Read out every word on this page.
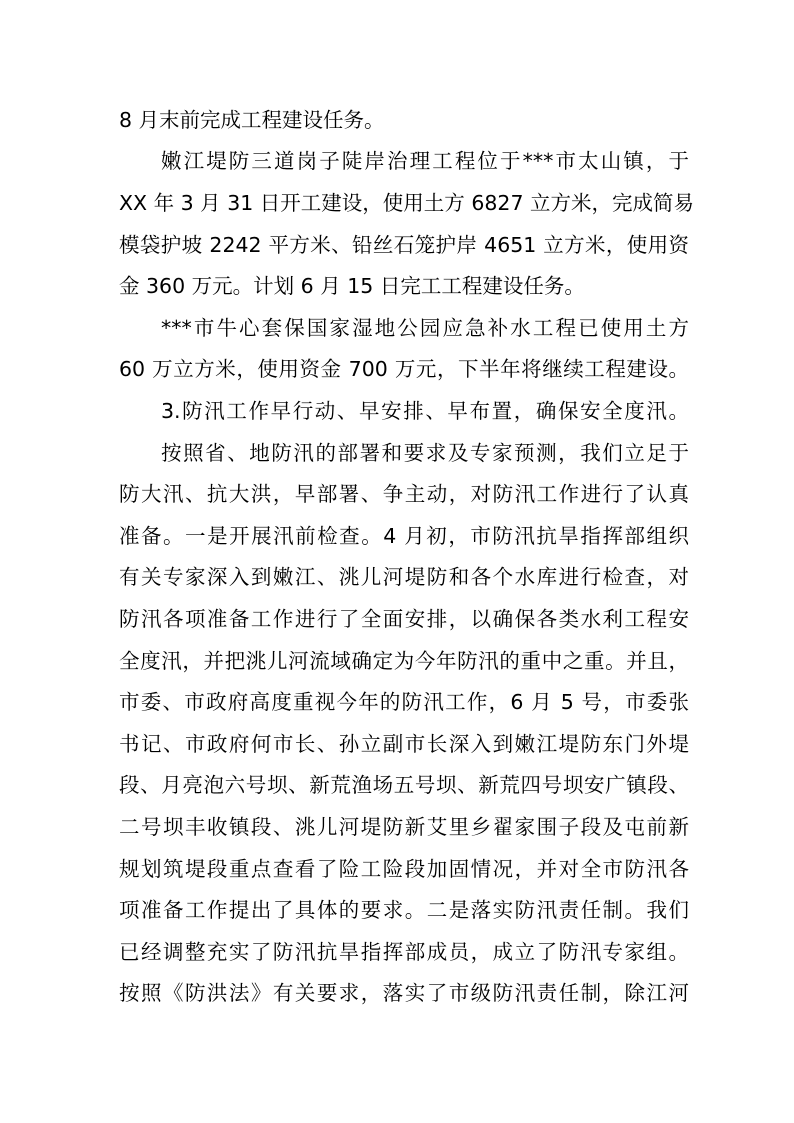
8 月末前完成工程建设任务。
嫩江堤防三道岗子陡岸治理工程位于***市太山镇，于
XX 年 3 月 31 日开工建设，使用土方 6827 立方米，完成简易
模袋护坡 2242 平方米、铅丝石笼护岸 4651 立方米，使用资
金 360 万元。计划 6 月 15 日完工工程建设任务。
***市牛心套保国家湿地公园应急补水工程已使用土方
60 万立方米，使用资金 700 万元，下半年将继续工程建设。
3.防汛工作早行动、早安排、早布置，确保安全度汛。
按照省、地防汛的部署和要求及专家预测，我们立足于
防大汛、抗大洪，早部署、争主动，对防汛工作进行了认真
准备。一是开展汛前检查。4 月初，市防汛抗旱指挥部组织
有关专家深入到嫩江、洮儿河堤防和各个水库进行检查，对
防汛各项准备工作进行了全面安排，以确保各类水利工程安
全度汛，并把洮儿河流域确定为今年防汛的重中之重。并且，
市委、市政府高度重视今年的防汛工作，6 月 5 号，市委张
书记、市政府何市长、孙立副市长深入到嫩江堤防东门外堤
段、月亮泡六号坝、新荒渔场五号坝、新荒四号坝安广镇段、
二号坝丰收镇段、洮儿河堤防新艾里乡翟家围子段及屯前新
规划筑堤段重点查看了险工险段加固情况，并对全市防汛各
项准备工作提出了具体的要求。二是落实防汛责任制。我们
已经调整充实了防汛抗旱指挥部成员，成立了防汛专家组。
按照《防洪法》有关要求，落实了市级防汛责任制，除江河
